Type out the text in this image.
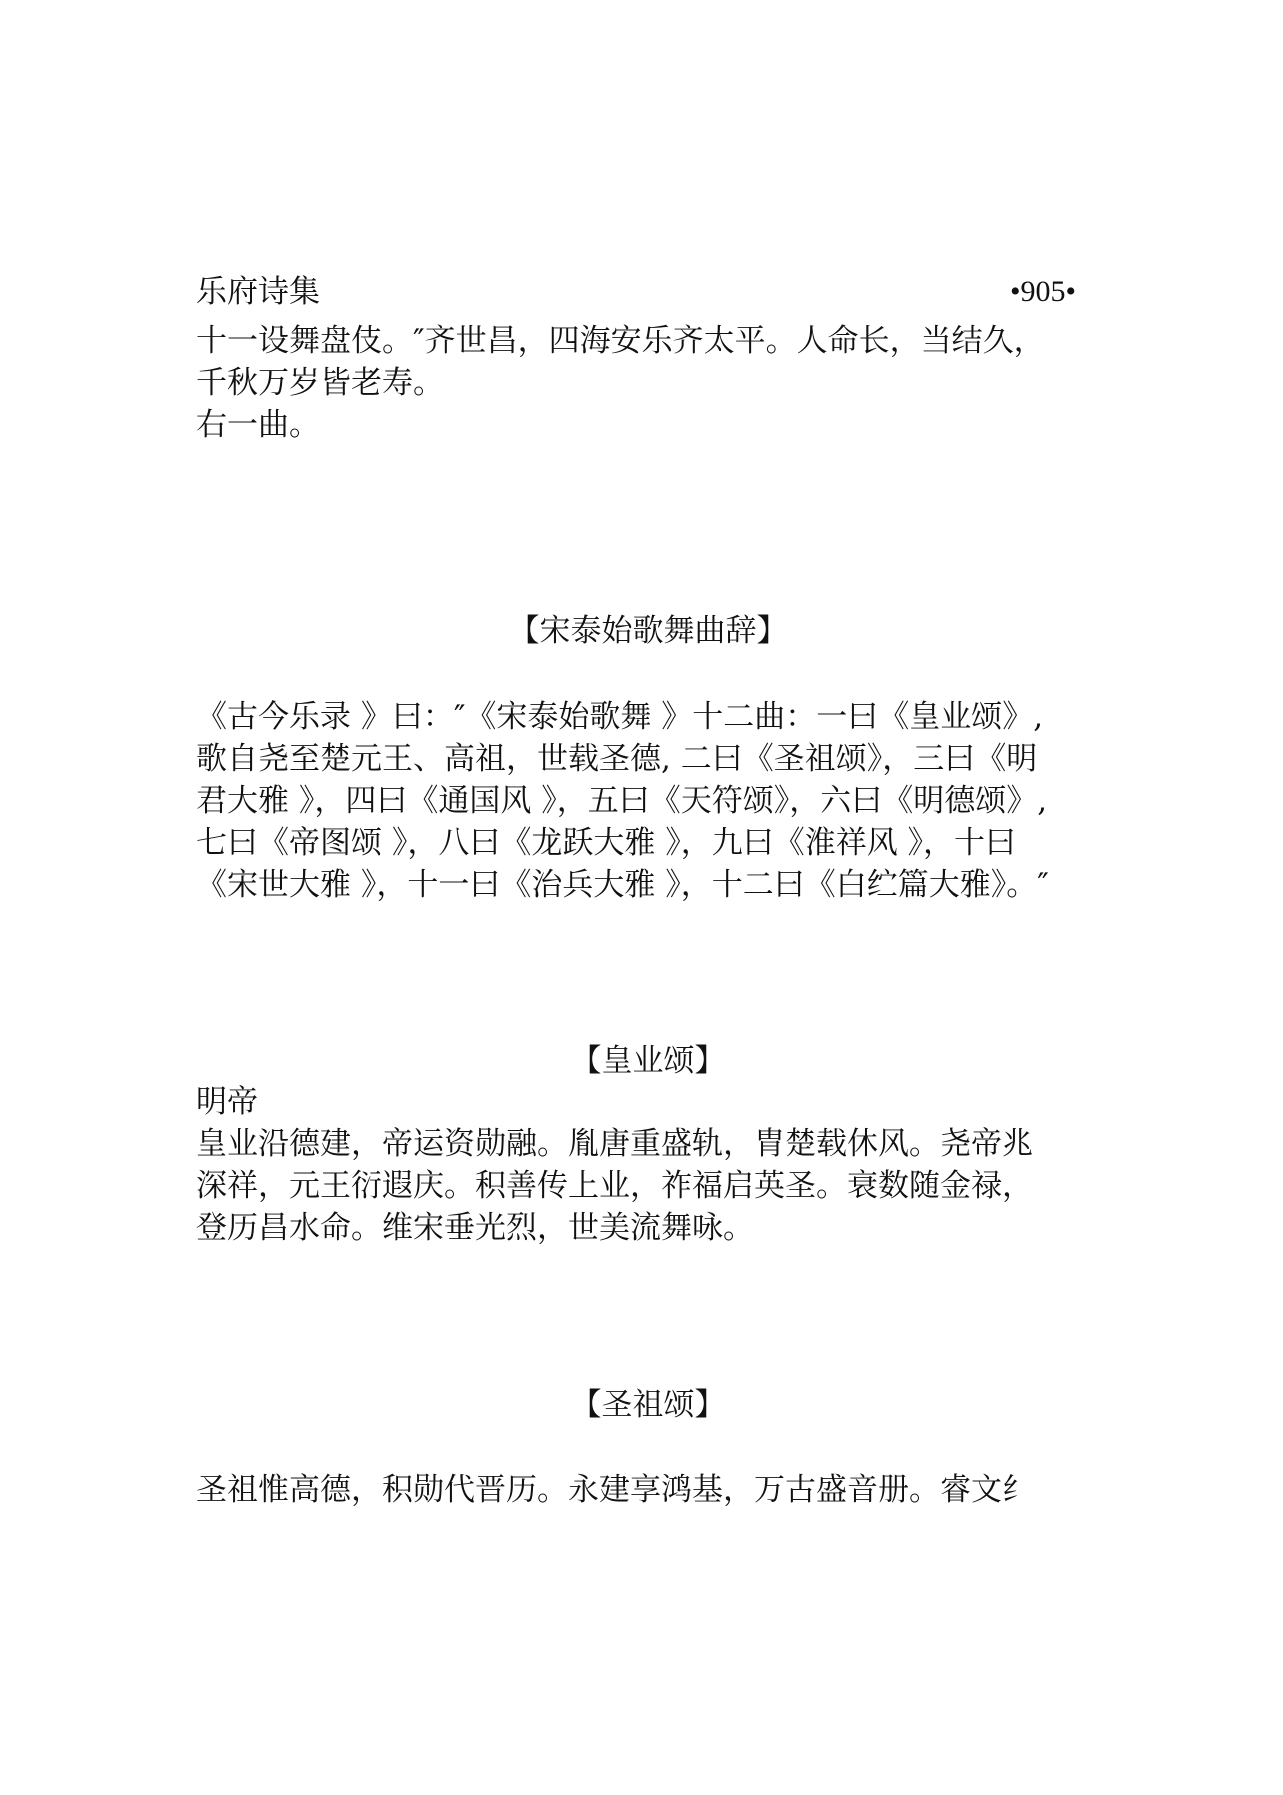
乐府诗集	•905•
十一设舞盘伎。″齐世昌，四海安乐齐太平。人命长，当结久，
千秋万岁皆老寿。
右一曲。
【宋泰始歌舞曲辞】
《古今乐录 》曰：″《宋泰始歌舞 》十二曲：一曰《皇业颂》,
歌自尧至楚元王、高祖，世载圣德, 二曰《圣祖颂》，三曰《明
君大雅 》，四曰《通国风 》，五曰《天符颂》，六曰《明德颂》,
七曰《帝图颂 》，八曰《龙跃大雅 》，九曰《淮祥风 》，十曰
《宋世大雅 》，十一曰《治兵大雅 》，十二曰《白纻篇大雅》。″
【皇业颂】
明帝
皇业沿德建，帝运资勋融。胤唐重盛轨，胄楚载休风。尧帝兆
深祥，元王衍遐庆。积善传上业，祚福启英圣。衰数随金禄，
登历昌水命。维宋垂光烈，世美流舞咏。
【圣祖颂】
圣祖惟高德，积勋代晋历。永建享鸿基，万古盛音册。睿文纟
